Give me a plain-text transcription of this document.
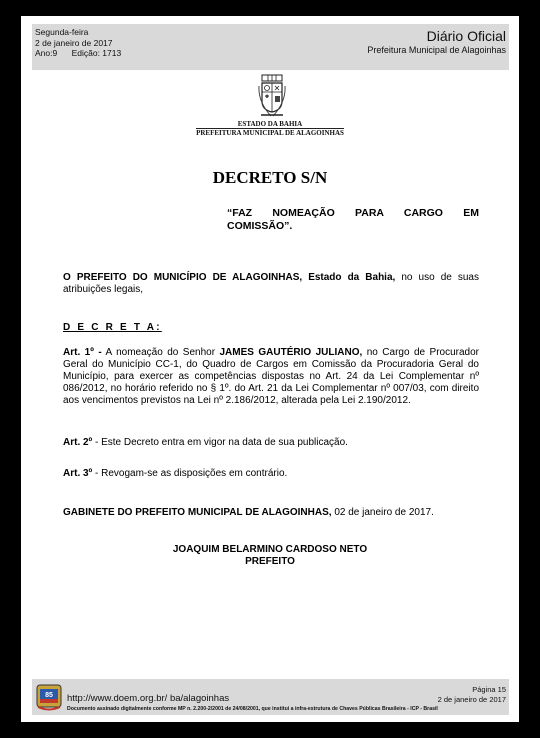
Segunda-feira
2 de janeiro de 2017
Ano:9 Edição: 1713
Diário Oficial
Prefeitura Municipal de Alagoinhas
ESTADO DA BAHIA
PREFEITURA MUNICIPAL DE ALAGOINHAS
DECRETO S/N
“FAZ NOMEAÇÃO PARA CARGO EM
COMISSÃO”.
O PREFEITO DO MUNICÍPIO DE ALAGOINHAS, Estado da Bahia, no uso de suas atribuições legais,
D E C R E T A:
Art. 1º - A nomeação do Senhor JAMES GAUTÉRIO JULIANO, no Cargo de Procurador Geral do Município CC-1, do Quadro de Cargos em Comissão da Procuradoria Geral do Município, para exercer as competências dispostas no Art. 24 da Lei Complementar nº 086/2012, no horário referido no § 1º. do Art. 21 da Lei Complementar nº 007/03, com direito aos vencimentos previstos na Lei nº 2.186/2012, alterada pela Lei 2.190/2012.
Art. 2º - Este Decreto entra em vigor na data de sua publicação.
Art. 3º - Revogam-se as disposições em contrário.
GABINETE DO PREFEITO MUNICIPAL DE ALAGOINHAS, 02 de janeiro de 2017.
JOAQUIM BELARMINO CARDOSO NETO
PREFEITO
85 http://www.doem.org.br/ ba/alagoinhas
Documento assinado digitalmente conforme MP n. 2.200-2/2001 de 24/08/2001, que institui a infra-estrutura de Chaves Públicas Brasileira - ICP - Brasil
Página 15
2 de janeiro de 2017
